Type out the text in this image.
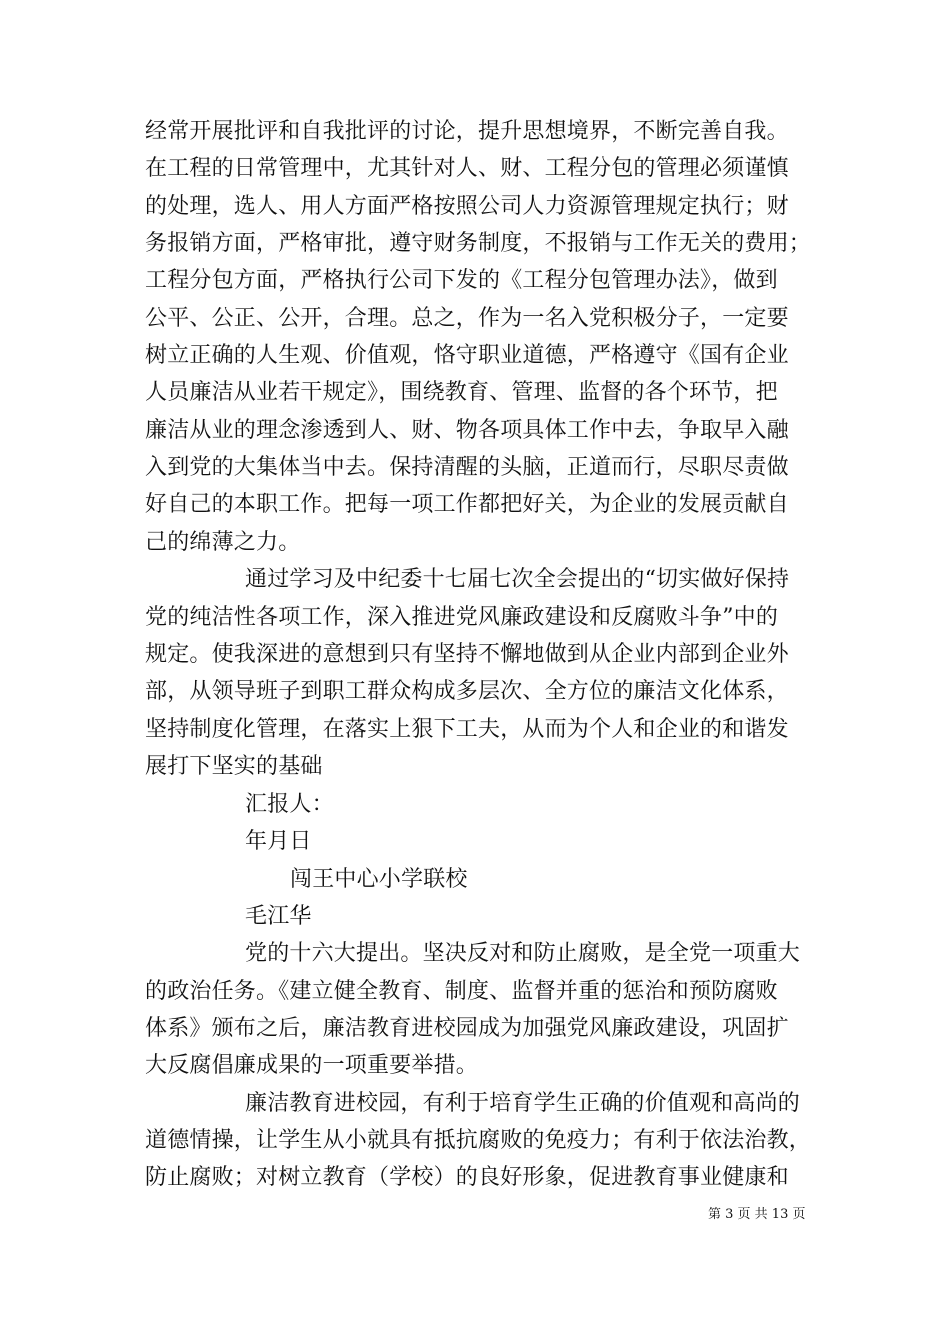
经常开展批评和自我批评的讨论，提升思想境界，不断完善自我。
在工程的日常管理中，尤其针对人、财、工程分包的管理必须谨慎
的处理，选人、用人方面严格按照公司人力资源管理规定执行；财
务报销方面，严格审批，遵守财务制度，不报销与工作无关的费用；
工程分包方面，严格执行公司下发的《工程分包管理办法》，做到
公平、公正、公开，合理。总之，作为一名入党积极分子，一定要
树立正确的人生观、价值观，恪守职业道德，严格遵守《国有企业
人员廉洁从业若干规定》，围绕教育、管理、监督的各个环节，把
廉洁从业的理念渗透到人、财、物各项具体工作中去，争取早入融
入到党的大集体当中去。保持清醒的头脑，正道而行，尽职尽责做
好自己的本职工作。把每一项工作都把好关，为企业的发展贡献自
己的绵薄之力。
通过学习及中纪委十七届七次全会提出的“切实做好保持
党的纯洁性各项工作，深入推进党风廉政建设和反腐败斗争”中的
规定。使我深进的意想到只有坚持不懈地做到从企业内部到企业外
部，从领导班子到职工群众构成多层次、全方位的廉洁文化体系，
坚持制度化管理，在落实上狠下工夫，从而为个人和企业的和谐发
展打下坚实的基础
汇报人：
年月日
闯王中心小学联校
毛江华
党的十六大提出。坚决反对和防止腐败，是全党一项重大
的政治任务。《建立健全教育、制度、监督并重的惩治和预防腐败
体系》颁布之后，廉洁教育进校园成为加强党风廉政建设，巩固扩
大反腐倡廉成果的一项重要举措。
廉洁教育进校园，有利于培育学生正确的价值观和高尚的
道德情操，让学生从小就具有抵抗腐败的免疫力；有利于依法治教，
防止腐败；对树立教育（学校）的良好形象，促进教育事业健康和
第 3 页 共 13 页
